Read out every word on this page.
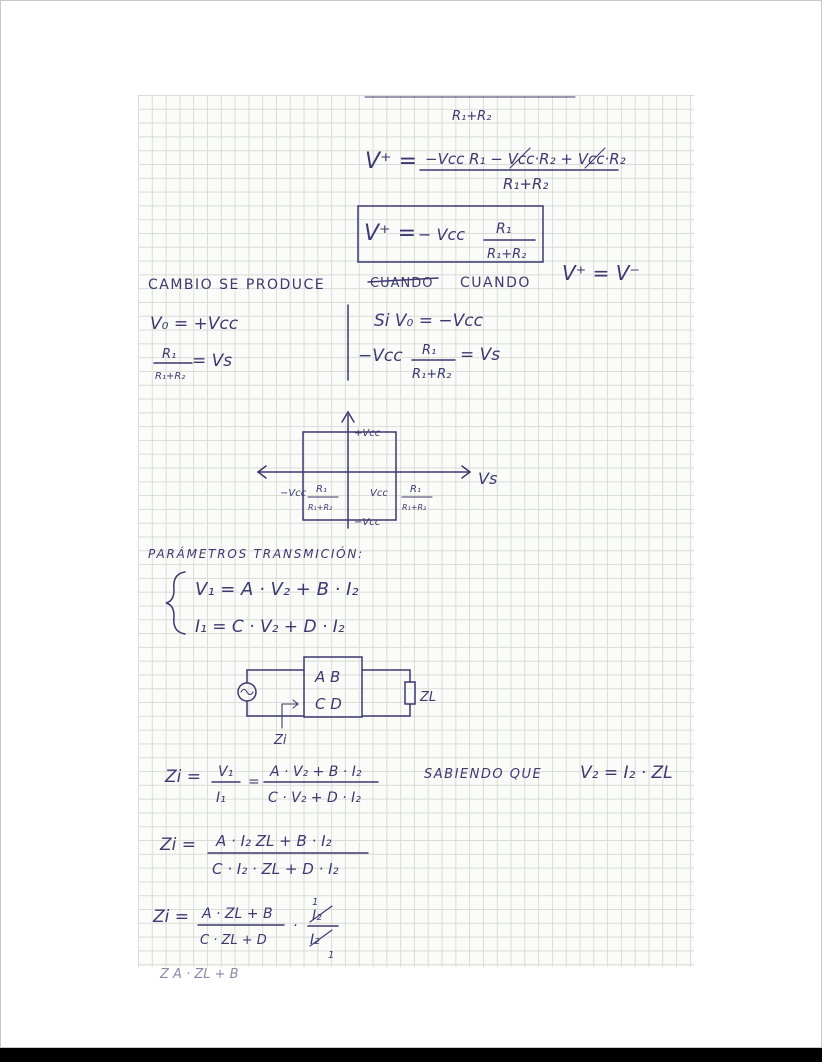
R₁+R₂
V⁺ = −Vcc R₁ − Vcc·R₂ + Vcc·R₂
R₁+R₂
V⁺ = − Vcc R₁
R₁+R₂
CAMBIO SE PRODUCE	CUANDO CUANDO V⁺ = V⁻
V₀ = +Vcc
R₁
R₁+R₂
= Vs
Si V₀ = −Vcc
−Vcc R₁
R₁+R₂
= Vs
+Vcc
−Vcc
Vs
−Vcc R₁
R₁+R₂
Vcc R₁
R₁+R₂
PARÁMETROS TRANSMICIÓN:
V₁ = A · V₂ + B · I₂
I₁ = C · V₂ + D · I₂
A B
C D	ZL
Zi
Zi = V₁
I₁
=
A · V₂ + B · I₂
C · V₂ + D · I₂
SABIENDO QUE V₂ = I₂ · ZL
Zi = A · I₂ ZL + B · I₂
C · I₂ · ZL + D · I₂
Zi = A · ZL + B
C · ZL + D
·
1
I₂
I₂
1
Z A · ZL + B
